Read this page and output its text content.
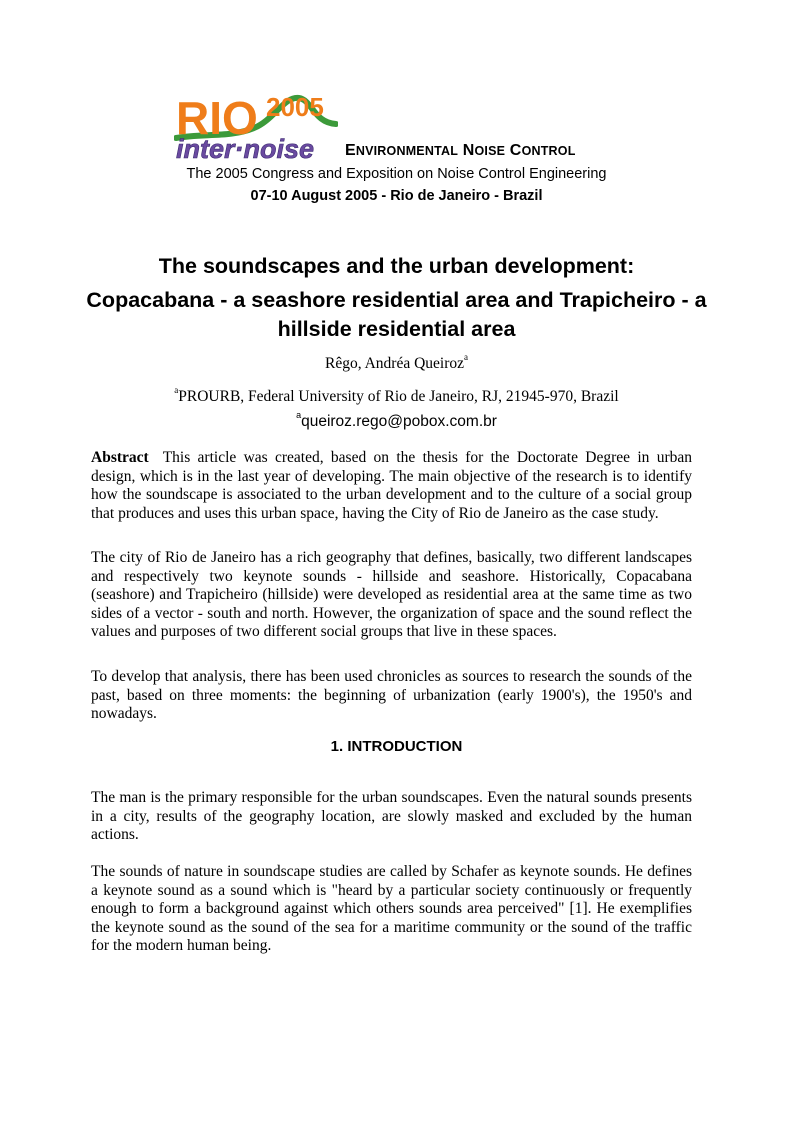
RIO 2005
inter·noise ENVIRONMENTAL NOISE CONTROL
The 2005 Congress and Exposition on Noise Control Engineering
07-10 August 2005 - Rio de Janeiro - Brazil
The soundscapes and the urban development:
Copacabana - a seashore residential area and Trapicheiro - a hillside residential area
Rêgo, Andréa Queiroz$^a$
$^a$PROURB, Federal University of Rio de Janeiro, RJ, 21945-970, Brazil
$^a$queiroz.rego@pobox.com.br

Abstract This article was created, based on the thesis for the Doctorate Degree in urban design, which is in the last year of developing. The main objective of the research is to identify how the soundscape is associated to the urban development and to the culture of a social group that produces and uses this urban space, having the City of Rio de Janeiro as the case study.

The city of Rio de Janeiro has a rich geography that defines, basically, two different landscapes and respectively two keynote sounds - hillside and seashore. Historically, Copacabana (seashore) and Trapicheiro (hillside) were developed as residential area at the same time as two sides of a vector - south and north. However, the organization of space and the sound reflect the values and purposes of two different social groups that live in these spaces.

To develop that analysis, there has been used chronicles as sources to research the sounds of the past, based on three moments: the beginning of urbanization (early 1900's), the 1950's and nowadays.

1. INTRODUCTION

The man is the primary responsible for the urban soundscapes. Even the natural sounds presents in a city, results of the geography location, are slowly masked and excluded by the human actions.

The sounds of nature in soundscape studies are called by Schafer as keynote sounds. He defines a keynote sound as a sound which is "heard by a particular society continuously or frequently enough to form a background against which others sounds area perceived" [1]. He exemplifies the keynote sound as the sound of the sea for a maritime community or the sound of the traffic for the modern human being.
